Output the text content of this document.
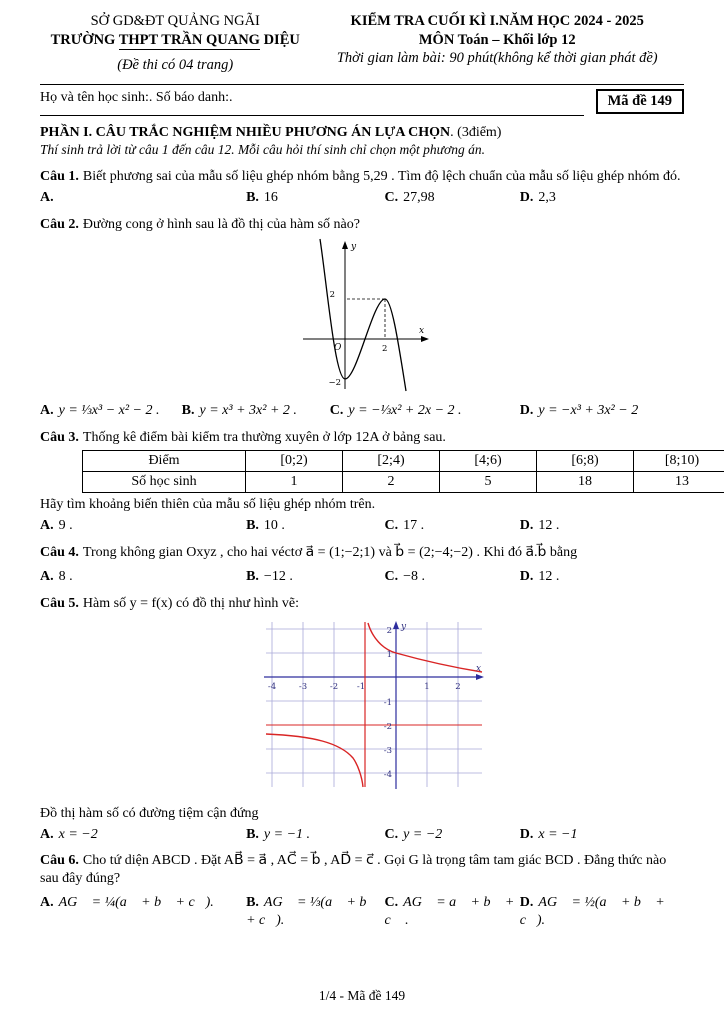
SỞ GD&ĐT QUẢNG NGÃI
TRƯỜNG THPT TRẦN QUANG DIỆU
(Đề thi có 04 trang)
KIỂM TRA CUỐI KÌ I.NĂM HỌC 2024 - 2025
MÔN Toán – Khối lớp 12
Thời gian làm bài: 90 phút(không kể thời gian phát đề)
Họ và tên học sinh:. Số báo danh:.	Mã đề 149

PHẦN I. CÂU TRẮC NGHIỆM NHIỀU PHƯƠNG ÁN LỰA CHỌN. (3điểm)

Thí sinh trả lời từ câu 1 đến câu 12. Mỗi câu hỏi thí sinh chỉ chọn một phương án.

Câu 1. Biết phương sai của mẫu số liệu ghép nhóm bằng 5,29 . Tìm độ lệch chuẩn của mẫu số liệu ghép nhóm đó.

A.	B. 16	C. 27,98	D. 2,3

Câu 2. Đường cong ở hình sau là đồ thị của hàm số nào?

y
x
O
2
2
−2
A. y = ⅓x³ − x² − 2 .	B. y = x³ + 3x² + 2 .	C. y = −⅓x² + 2x − 2 .	D. y = −x³ + 3x² − 2

Câu 3. Thống kê điểm bài kiểm tra thường xuyên ở lớp 12A ở bảng sau.

Điểm	[0;2)	[2;4)	[4;6)	[6;8)	[8;10)
Số học sinh	1	2	5	18	13

Hãy tìm khoảng biến thiên của mẫu số liệu ghép nhóm trên.

A. 9 .	B. 10 .	C. 17 .	D. 12 .

Câu 4. Trong không gian Oxyz , cho hai véctơ a⃗ = (1;−2;1) và b⃗ = (2;−4;−2) . Khi đó a⃗.b⃗ bằng

A. 8 .	B. −12 .	C. −8 .	D. 12 .

Câu 5. Hàm số y = f(x) có đồ thị như hình vẽ:

-4	-3	-2 -1	1	2
2
1
-1
-2
-3
-4
x
y

Đồ thị hàm số có đường tiệm cận đứng

A. x = −2	B. y = −1 .	C. y = −2	D. x = −1

Câu 6. Cho tứ diện ABCD . Đặt AB⃗ = a⃗ , AC⃗ = b⃗ , AD⃗ = c⃗ . Gọi G là trọng tâm tam giác BCD . Đẳng thức nào sau đây đúng?

A. AG⃗ = ¼(a⃗ + b⃗ + c⃗).	B. AG⃗ = ⅓(a⃗ + b⃗ + c⃗).
C. AG⃗ = a⃗ + b⃗ + c⃗ .
D. AG⃗ = ½(a⃗ + b⃗ + c⃗).
1/4 - Mã đề 149
